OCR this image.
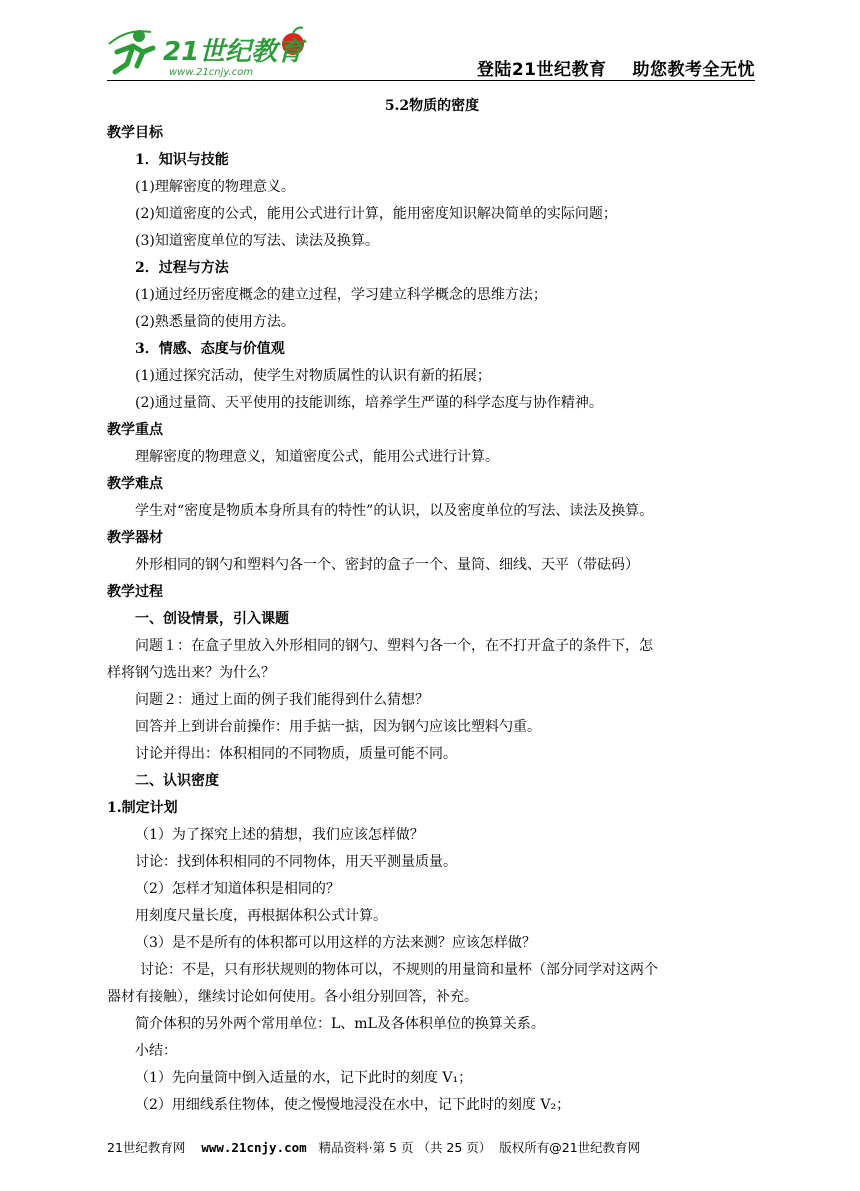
21世纪教育
www.21cnjy.com	登陆21世纪教育 助您教考全无忧
5.2物质的密度

教学目标

1．知识与技能

(1)理解密度的物理意义。

(2)知道密度的公式，能用公式进行计算，能用密度知识解决简单的实际问题；

(3)知道密度单位的写法、读法及换算。

2．过程与方法

(1)通过经历密度概念的建立过程，学习建立科学概念的思维方法；

(2)熟悉量筒的使用方法。

3．情感、态度与价值观

(1)通过探究活动，使学生对物质属性的认识有新的拓展；

(2)通过量筒、天平使用的技能训练，培养学生严谨的科学态度与协作精神。

教学重点

理解密度的物理意义，知道密度公式，能用公式进行计算。

教学难点

学生对“密度是物质本身所具有的特性”的认识，以及密度单位的写法、读法及换算。

教学器材

外形相同的钢勺和塑料勺各一个、密封的盒子一个、量筒、细线、天平（带砝码）

教学过程

一、创设情景，引入课题

问题１：在盒子里放入外形相同的钢勺、塑料勺各一个，在不打开盒子的条件下，怎

样将钢勺选出来？为什么？

问题２：通过上面的例子我们能得到什么猜想？

回答并上到讲台前操作：用手掂一掂，因为钢勺应该比塑料勺重。

讨论并得出：体积相同的不同物质，质量可能不同。

二、认识密度

1.制定计划

（1）为了探究上述的猜想，我们应该怎样做？

讨论：找到体积相同的不同物体，用天平测量质量。

（2）怎样才知道体积是相同的？

用刻度尺量长度，再根据体积公式计算。

（3）是不是所有的体积都可以用这样的方法来测？应该怎样做？

讨论：不是，只有形状规则的物体可以，不规则的用量筒和量杯（部分同学对这两个

器材有接触），继续讨论如何使用。各小组分别回答，补充。

简介体积的另外两个常用单位：L、mL及各体积单位的换算关系。

小结：

（1）先向量筒中倒入适量的水，记下此时的刻度 V₁；

（2）用细线系住物体，使之慢慢地浸没在水中，记下此时的刻度 V₂；

21世纪教育网 www.21cnjy.com 精品资料·第 5 页 （共 25 页） 版权所有@21世纪教育网
